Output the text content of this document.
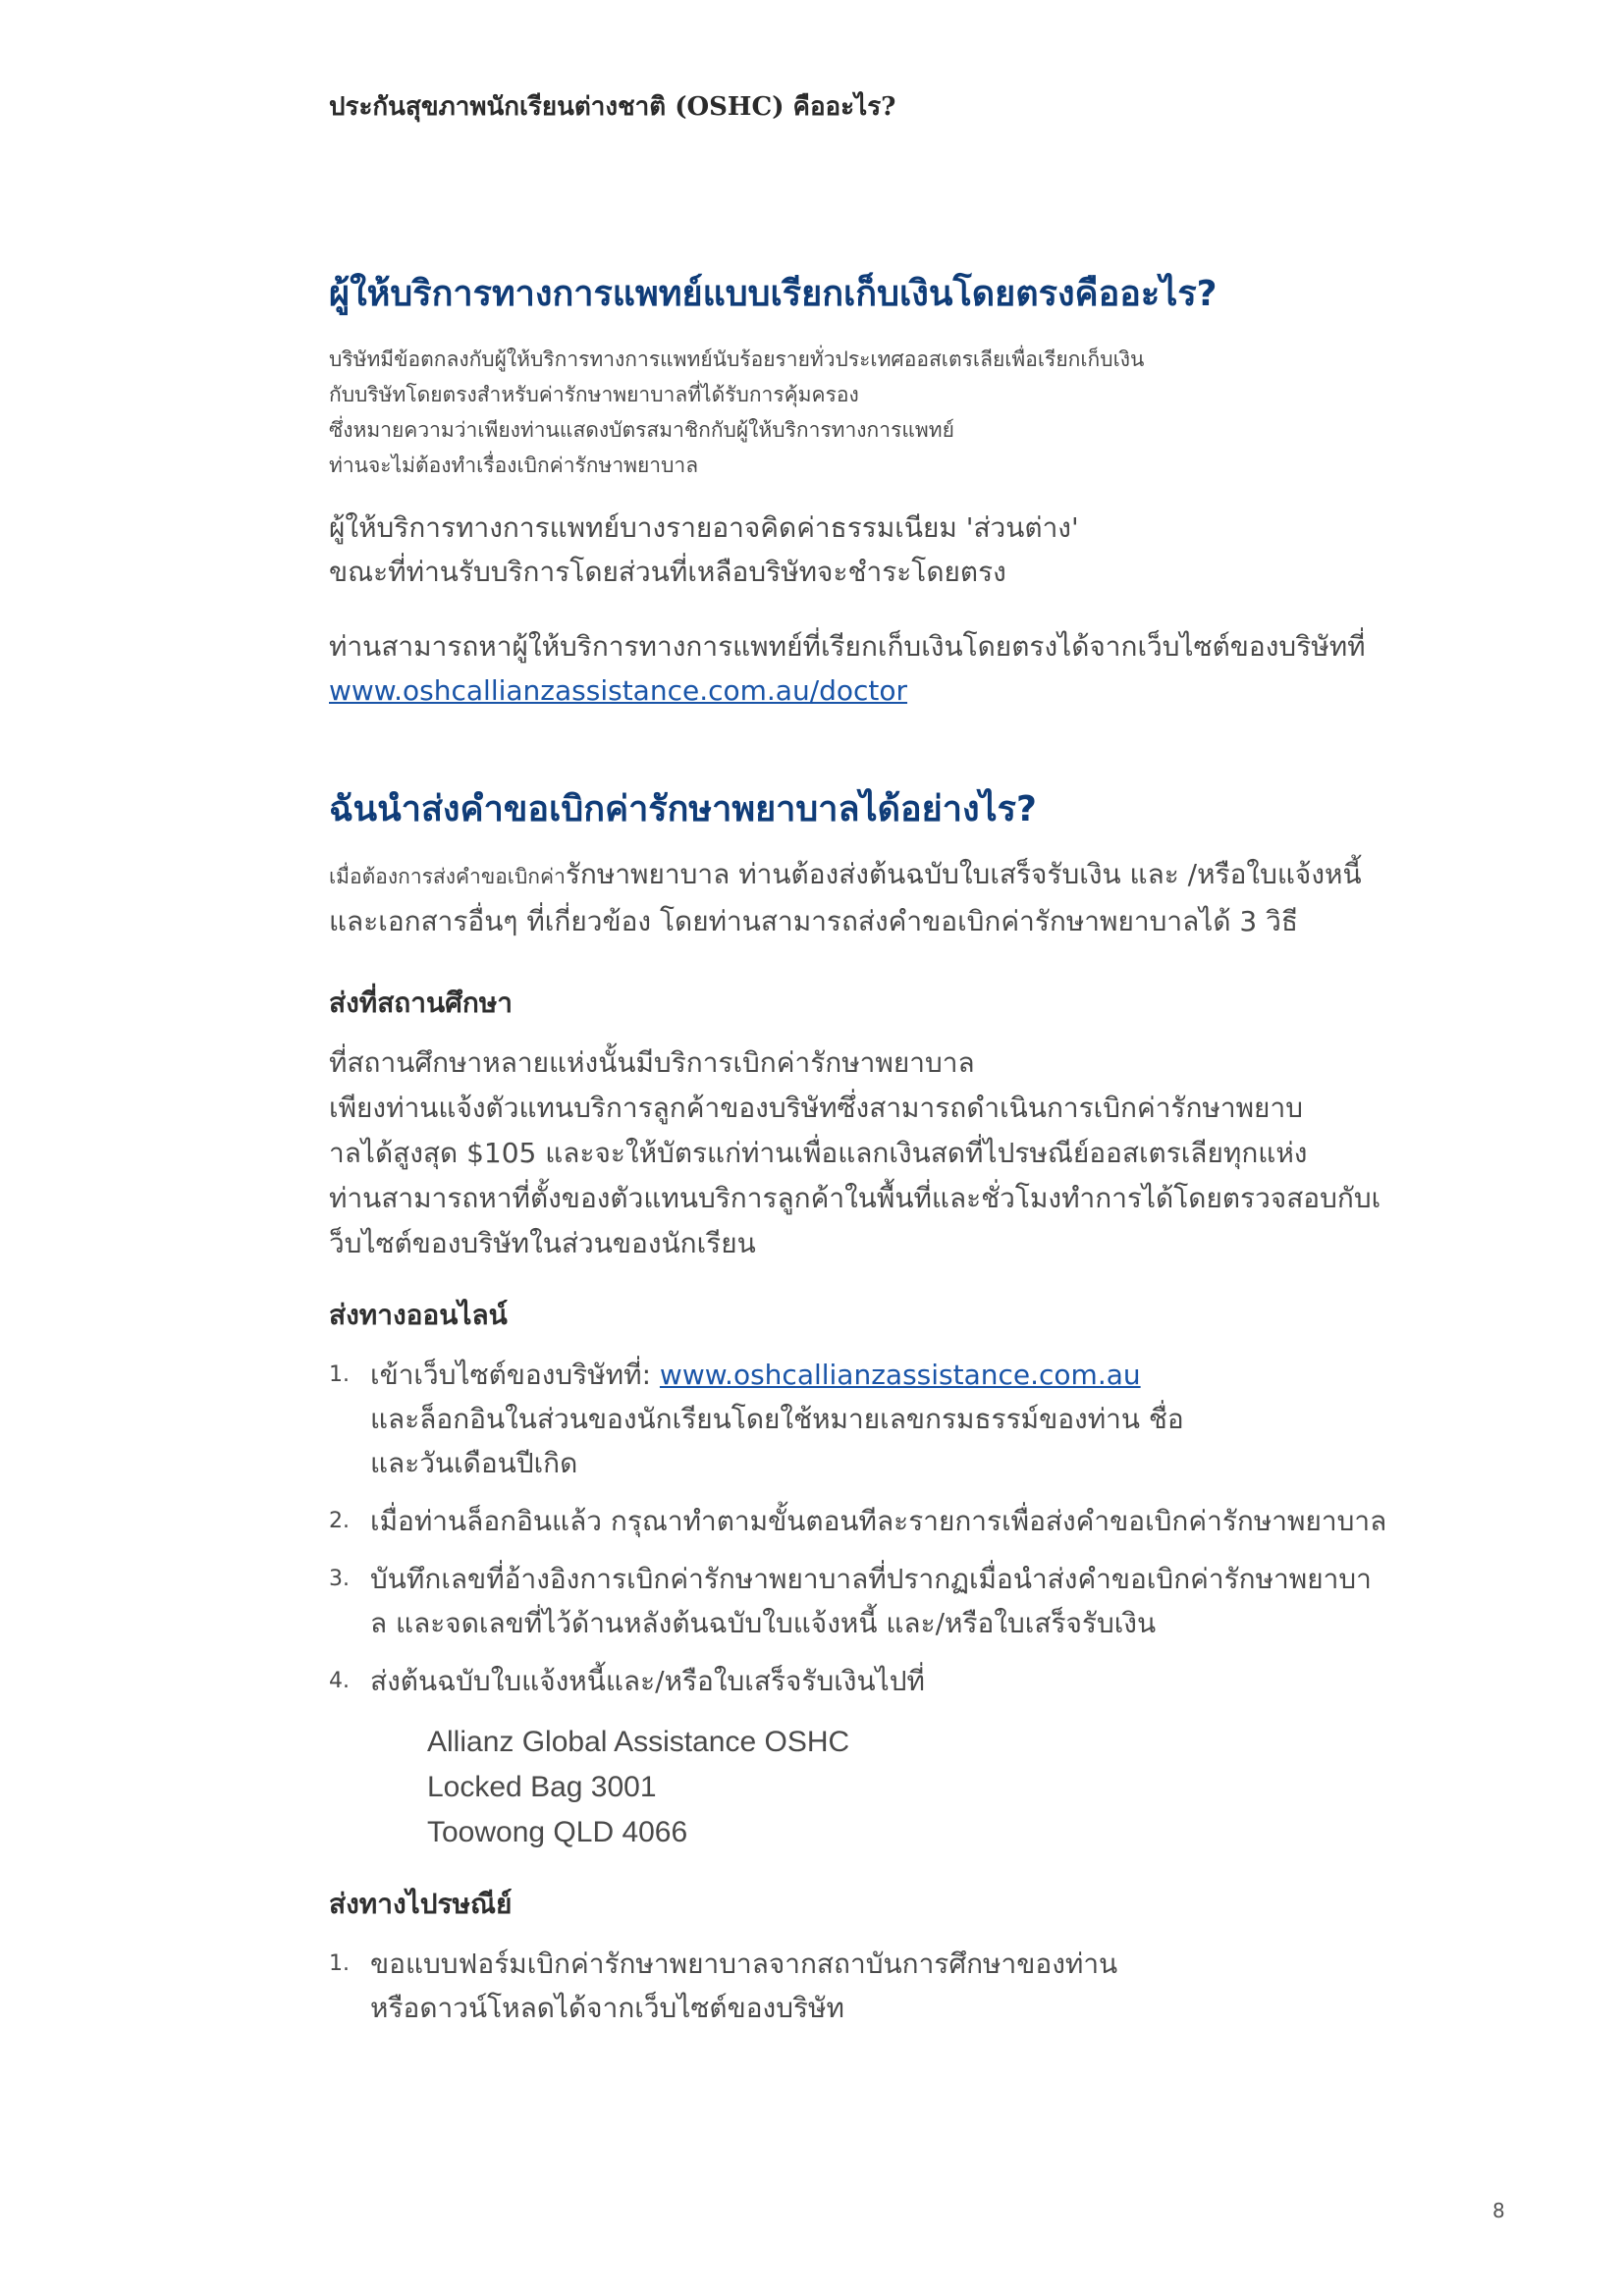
ประกันสุขภาพนักเรียนต่างชาติ (OSHC) คืออะไร?
ผู้ให้บริการทางการแพทย์แบบเรียกเก็บเงินโดยตรงคืออะไร?
บริษัทมีข้อตกลงกับผู้ให้บริการทางการแพทย์นับร้อยรายทั่วประเทศออสเตรเลียเพื่อเรียกเก็บเงิน
กับบริษัทโดยตรงสำหรับค่ารักษาพยาบาลที่ได้รับการคุ้มครอง
ซึ่งหมายความว่าเพียงท่านแสดงบัตรสมาชิกกับผู้ให้บริการทางการแพทย์
ท่านจะไม่ต้องทำเรื่องเบิกค่ารักษาพยาบาล
ผู้ให้บริการทางการแพทย์บางรายอาจคิดค่าธรรมเนียม 'ส่วนต่าง'
ขณะที่ท่านรับบริการโดยส่วนที่เหลือบริษัทจะชำระโดยตรง
ท่านสามารถหาผู้ให้บริการทางการแพทย์ที่เรียกเก็บเงินโดยตรงได้จากเว็บไซต์ของบริษัทที่
www.oshcallianzassistance.com.au/doctor
ฉันนำส่งคำขอเบิกค่ารักษาพยาบาลได้อย่างไร?
เมื่อต้องการส่งคำขอเบิกค่ารักษาพยาบาล ท่านต้องส่งต้นฉบับใบเสร็จรับเงิน และ /หรือใบแจ้งหนี้
และเอกสารอื่นๆ ที่เกี่ยวข้อง โดยท่านสามารถส่งคำขอเบิกค่ารักษาพยาบาลได้ 3 วิธี
ส่งที่สถานศึกษา
ที่สถานศึกษาหลายแห่งนั้นมีบริการเบิกค่ารักษาพยาบาล
เพียงท่านแจ้งตัวแทนบริการลูกค้าของบริษัทซึ่งสามารถดำเนินการเบิกค่ารักษาพยาบ
าลได้สูงสุด $105 และจะให้บัตรแก่ท่านเพื่อแลกเงินสดที่ไปรษณีย์ออสเตรเลียทุกแห่ง
ท่านสามารถหาที่ตั้งของตัวแทนบริการลูกค้าในพื้นที่และชั่วโมงทำการได้โดยตรวจสอบกับเ
ว็บไซต์ของบริษัทในส่วนของนักเรียน
ส่งทางออนไลน์
1. เข้าเว็บไซต์ของบริษัทที่: www.oshcallianzassistance.com.au
และล็อกอินในส่วนของนักเรียนโดยใช้หมายเลขกรมธรรม์ของท่าน ชื่อ
และวันเดือนปีเกิด
2. เมื่อท่านล็อกอินแล้ว กรุณาทำตามขั้นตอนทีละรายการเพื่อส่งคำขอเบิกค่ารักษาพยาบาล
3. บันทึกเลขที่อ้างอิงการเบิกค่ารักษาพยาบาลที่ปรากฏเมื่อนำส่งคำขอเบิกค่ารักษาพยาบา
ล และจดเลขที่ไว้ด้านหลังต้นฉบับใบแจ้งหนี้ และ/หรือใบเสร็จรับเงิน
4. ส่งต้นฉบับใบแจ้งหนี้และ/หรือใบเสร็จรับเงินไปที่
Allianz Global Assistance OSHC
Locked Bag 3001
Toowong QLD 4066
ส่งทางไปรษณีย์
1. ขอแบบฟอร์มเบิกค่ารักษาพยาบาลจากสถาบันการศึกษาของท่าน
หรือดาวน์โหลดได้จากเว็บไซต์ของบริษัท
8
